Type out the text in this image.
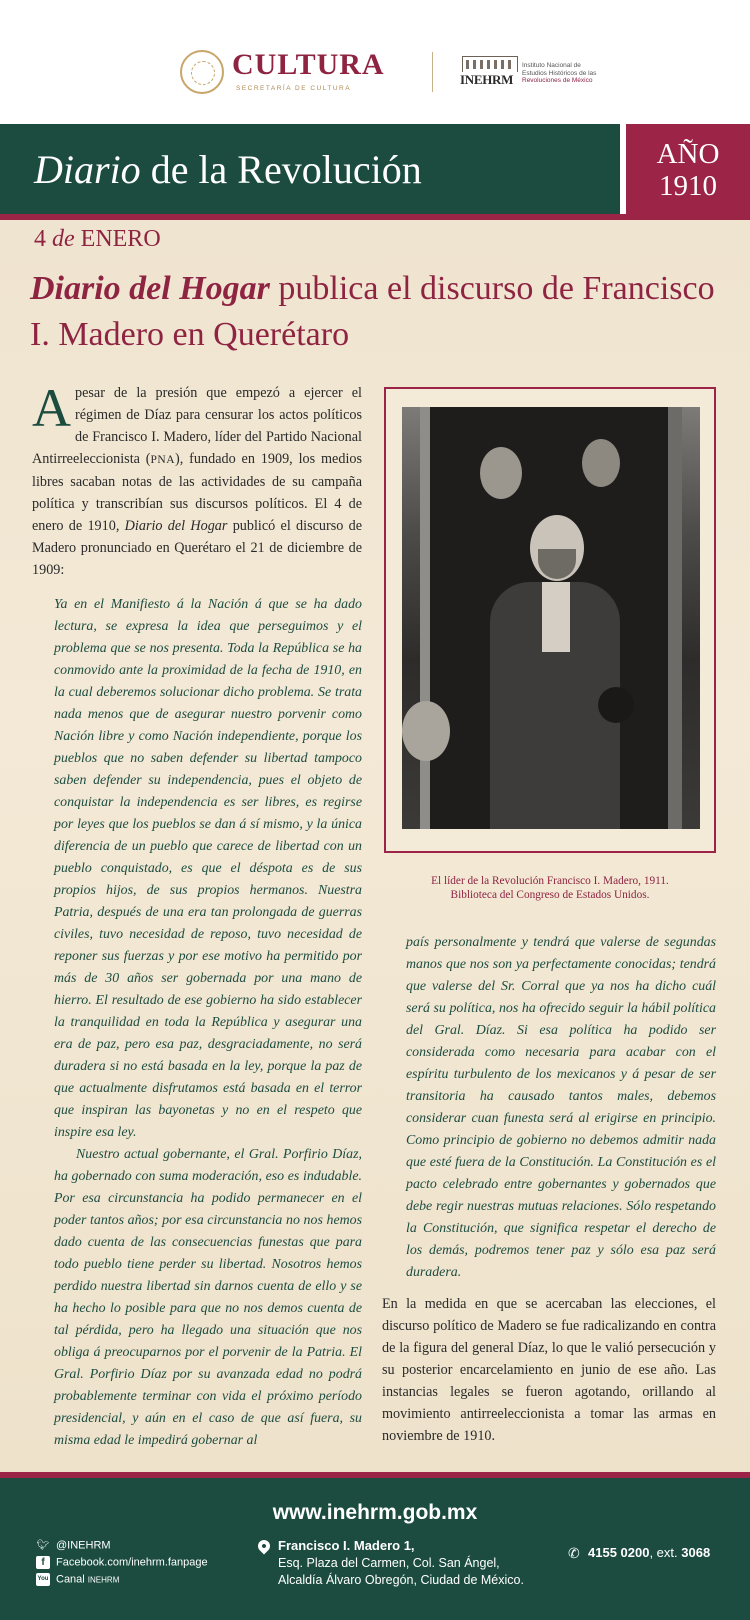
CULTURA
SECRETARÍA DE CULTURA
INEHRM
Instituto Nacional de
Estudios Históricos de las
Revoluciones de México
Diario de la Revolución	AÑO
1910
4 de ENERO
Diario del Hogar publica el discurso de Francisco I. Madero en Querétaro
Apesar de la presión que empezó a ejercer el régimen de Díaz para censurar los actos políticos de Francisco I. Madero, líder del Partido Nacional Antirreeleccionista (PNA), fundado en 1909, los medios libres sacaban notas de las actividades de su campaña política y transcribían sus discursos políticos. El 4 de enero de 1910, Diario del Hogar publicó el discurso de Madero pronunciado en Querétaro el 21 de diciembre de 1909:

Ya en el Manifiesto á la Nación á que se ha dado lectura, se expresa la idea que perseguimos y el problema que se nos presenta. Toda la República se ha conmovido ante la proximidad de la fecha de 1910, en la cual deberemos solucionar dicho problema. Se trata nada menos que de asegurar nuestro porvenir como Nación libre y como Nación independiente, porque los pueblos que no saben defender su libertad tampoco saben defender su independencia, pues el objeto de conquistar la independencia es ser libres, es regirse por leyes que los pueblos se dan á sí mismo, y la única diferencia de un pueblo que carece de libertad con un pueblo conquistado, es que el déspota es de sus propios hijos, de sus propios hermanos. Nuestra Patria, después de una era tan prolongada de guerras civiles, tuvo necesidad de reposo, tuvo necesidad de reponer sus fuerzas y por ese motivo ha permitido por más de 30 años ser gobernada por una mano de hierro. El resultado de ese gobierno ha sido establecer la tranquilidad en toda la República y asegurar una era de paz, pero esa paz, desgraciadamente, no será duradera si no está basada en la ley, porque la paz de que actualmente disfrutamos está basada en el terror que inspiran las bayonetas y no en el respeto que inspire esa ley.

Nuestro actual gobernante, el Gral. Porfirio Díaz, ha gobernado con suma moderación, eso es indudable. Por esa circunstancia ha podido permanecer en el poder tantos años; por esa circunstancia no nos hemos dado cuenta de las consecuencias funestas que para todo pueblo tiene perder su libertad. Nosotros hemos perdido nuestra libertad sin darnos cuenta de ello y se ha hecho lo posible para que no nos demos cuenta de tal pérdida, pero ha llegado una situación que nos obliga á preocuparnos por el porvenir de la Patria. El Gral. Porfirio Díaz por su avanzada edad no podrá probablemente terminar con vida el próximo período presidencial, y aún en el caso de que así fuera, su misma edad le impedirá gobernar al

El líder de la Revolución Francisco I. Madero, 1911.
Biblioteca del Congreso de Estados Unidos.

país personalmente y tendrá que valerse de segundas manos que nos son ya perfectamente conocidas; tendrá que valerse del Sr. Corral que ya nos ha dicho cuál será su política, nos ha ofrecido seguir la hábil política del Gral. Díaz. Si esa política ha podido ser considerada como necesaria para acabar con el espíritu turbulento de los mexicanos y á pesar de ser transitoria ha causado tantos males, debemos considerar cuan funesta será al erigirse en principio. Como principio de gobierno no debemos admitir nada que esté fuera de la Constitución. La Constitución es el pacto celebrado entre gobernantes y gobernados que debe regir nuestras mutuas relaciones. Sólo respetando la Constitución, que significa respetar el derecho de los demás, podremos tener paz y sólo esa paz será duradera.

En la medida en que se acercaban las elecciones, el discurso político de Madero se fue radicalizando en contra de la figura del general Díaz, lo que le valió persecución y su posterior encarcelamiento en junio de ese año. Las instancias legales se fueron agotando, orillando al movimiento antirreeleccionista a tomar las armas en noviembre de 1910.
www.inehrm.gob.mx
🐦︎ @INEHRM
f Facebook.com/inehrm.fanpage
You Canal INEHRM
Francisco I. Madero 1,
Esq. Plaza del Carmen, Col. San Ángel,
Alcaldía Álvaro Obregón, Ciudad de México.
✆ 4155 0200, ext. 3068
